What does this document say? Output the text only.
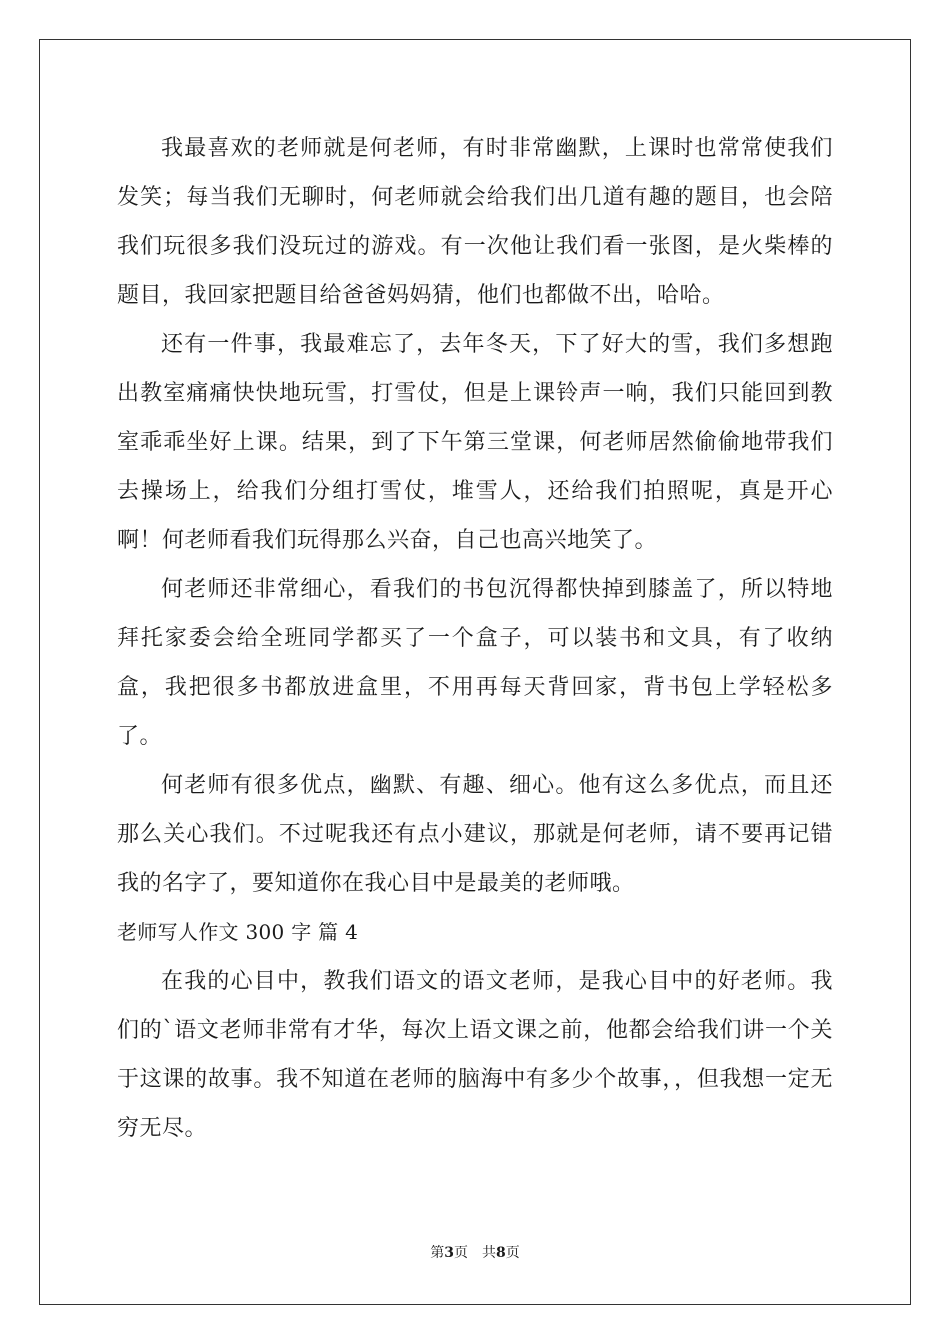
我最喜欢的老师就是何老师，有时非常幽默，上课时也常常使我们发笑；每当我们无聊时，何老师就会给我们出几道有趣的题目，也会陪我们玩很多我们没玩过的游戏。有一次他让我们看一张图，是火柴棒的题目，我回家把题目给爸爸妈妈猜，他们也都做不出，哈哈。

还有一件事，我最难忘了，去年冬天，下了好大的雪，我们多想跑出教室痛痛快快地玩雪，打雪仗，但是上课铃声一响，我们只能回到教室乖乖坐好上课。结果，到了下午第三堂课，何老师居然偷偷地带我们去操场上，给我们分组打雪仗，堆雪人，还给我们拍照呢，真是开心啊！何老师看我们玩得那么兴奋，自己也高兴地笑了。

何老师还非常细心，看我们的书包沉得都快掉到膝盖了，所以特地拜托家委会给全班同学都买了一个盒子，可以装书和文具，有了收纳盒，我把很多书都放进盒里，不用再每天背回家，背书包上学轻松多了。

何老师有很多优点，幽默、有趣、细心。他有这么多优点，而且还那么关心我们。不过呢我还有点小建议，那就是何老师，请不要再记错我的名字了，要知道你在我心目中是最美的老师哦。

老师写人作文 300 字 篇 4

在我的心目中，教我们语文的语文老师，是我心目中的好老师。我们的`语文老师非常有才华，每次上语文课之前，他都会给我们讲一个关于这课的故事。我不知道在老师的脑海中有多少个故事，，但我想一定无穷无尽。

第3页 共8页
